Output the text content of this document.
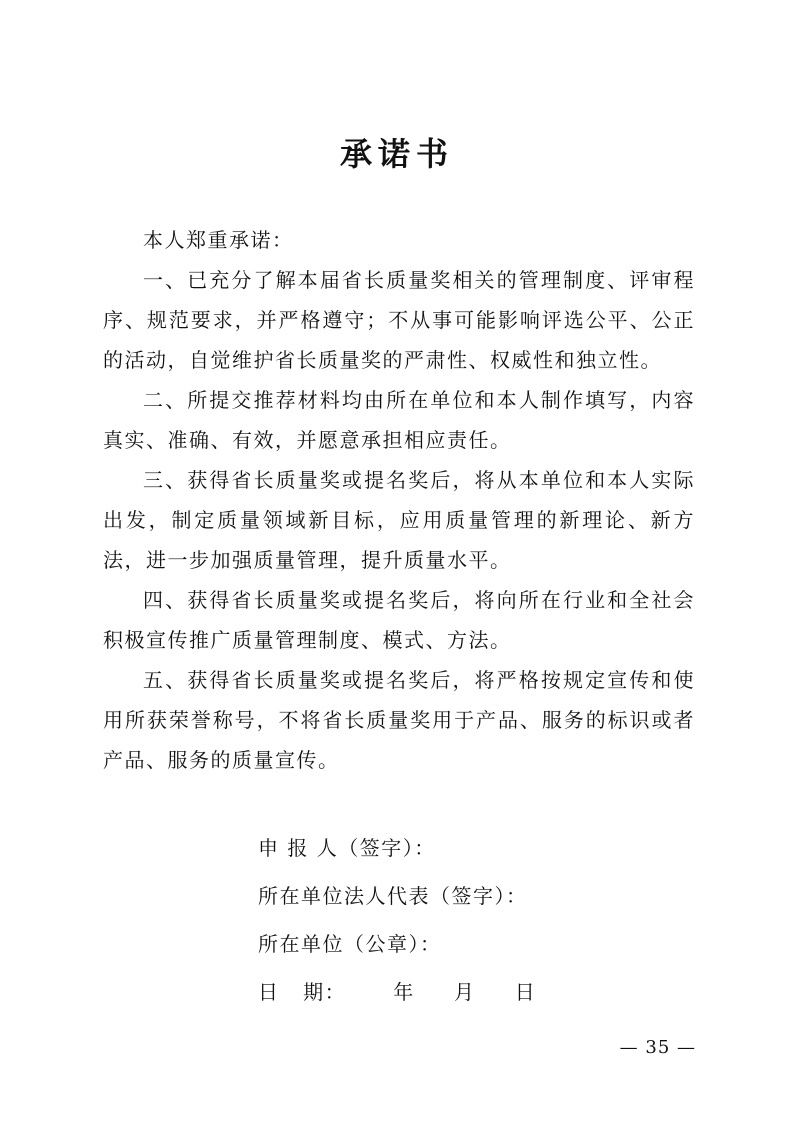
承诺书

本人郑重承诺：

一、已充分了解本届省长质量奖相关的管理制度、评审程序、规范要求，并严格遵守；不从事可能影响评选公平、公正的活动，自觉维护省长质量奖的严肃性、权威性和独立性。

二、所提交推荐材料均由所在单位和本人制作填写，内容真实、准确、有效，并愿意承担相应责任。

三、获得省长质量奖或提名奖后，将从本单位和本人实际出发，制定质量领域新目标，应用质量管理的新理论、新方法，进一步加强质量管理，提升质量水平。

四、获得省长质量奖或提名奖后，将向所在行业和全社会积极宣传推广质量管理制度、模式、方法。

五、获得省长质量奖或提名奖后，将严格按规定宣传和使用所获荣誉称号，不将省长质量奖用于产品、服务的标识或者产品、服务的质量宣传。

申 报 人（签字）：
所在单位法人代表（签字）：
所在单位（公章）：
日   期：      年     月     日
— 35 —
